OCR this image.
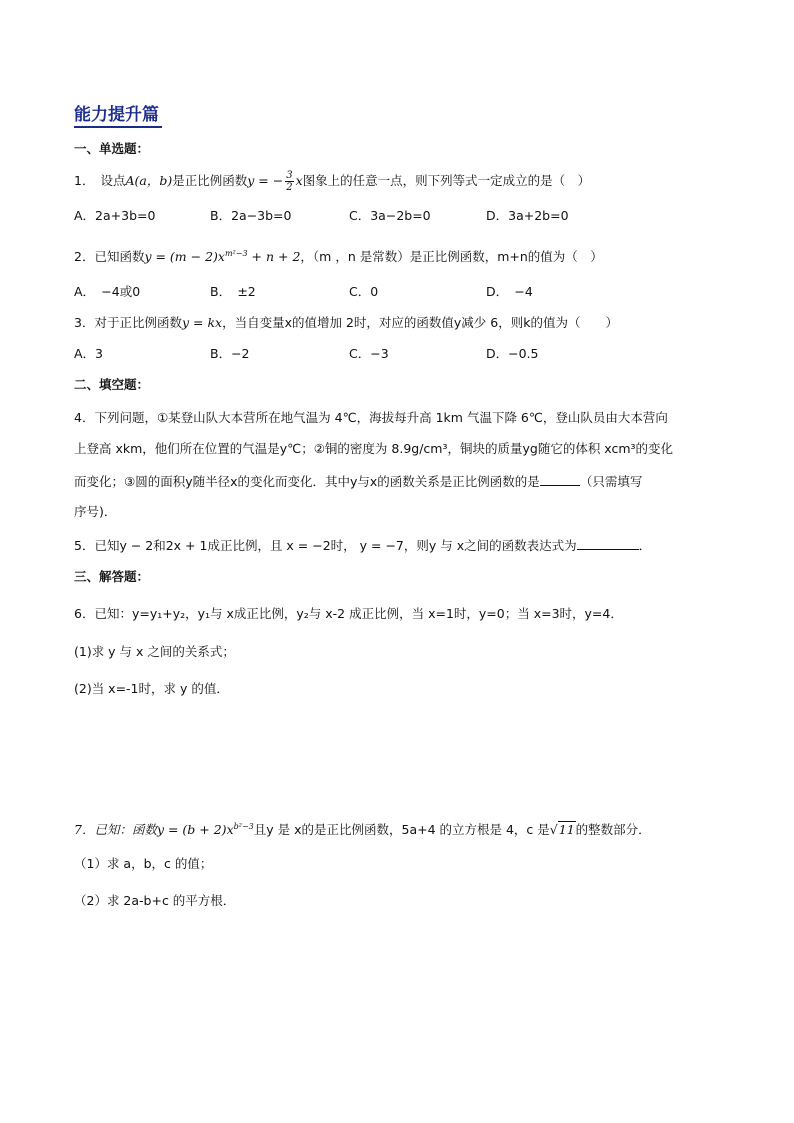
能力提升篇
一、单选题：
1． 设点A(a，b)是正比例函数y = − $\frac{3}{2}$ x图象上的任意一点，则下列等式一定成立的是（　）
A．2a+3b=0	B．2a−3b=0	C．3a−2b=0	D．3a+2b=0
2．已知函数$y = (m - 2)x^{m^2-3} + n + 2$，（m ，n 是常数）是正比例函数，m+n的值为（　）
A．　−4或0	B．　±2	C．0	D．　−4
3．对于正比例函数y = kx，当自变量x的值增加 2时，对应的函数值y减少 6，则k的值为（　　）
A．3	B．−2	C．−3	D．−0.5
二、填空题：
4．下列问题，①某登山队大本营所在地气温为 4℃，海拔每升高 1km 气温下降 6℃，登山队员由大本营向
上登高 xkm，他们所在位置的气温是y℃；②铜的密度为 8.9g/cm³，铜块的质量yg随它的体积 xcm³的变化
而变化；③圆的面积y随半径x的变化而变化．其中y与x的函数关系是正比例函数的是	（只需填写
序号)．
5．已知y − 2和2x + 1成正比例，且 x = −2时， y = −7，则y 与 x之间的函数表达式为	．
三、解答题：
6．已知：y=y₁+y₂，y₁与 x成正比例，y₂与 x-2 成正比例，当 x=1时，y=0；当 x=3时，y=4．
(1)求 y 与 x 之间的关系式；
(2)当 x=-1时，求 y 的值．
7．已知：函数$y = (b + 2)x^{b^2-3}$且y 是 x的是正比例函数，5a+4 的立方根是 4，c 是√11的整数部分．
（1）求 a，b，c 的值；
（2）求 2a-b+c 的平方根．
